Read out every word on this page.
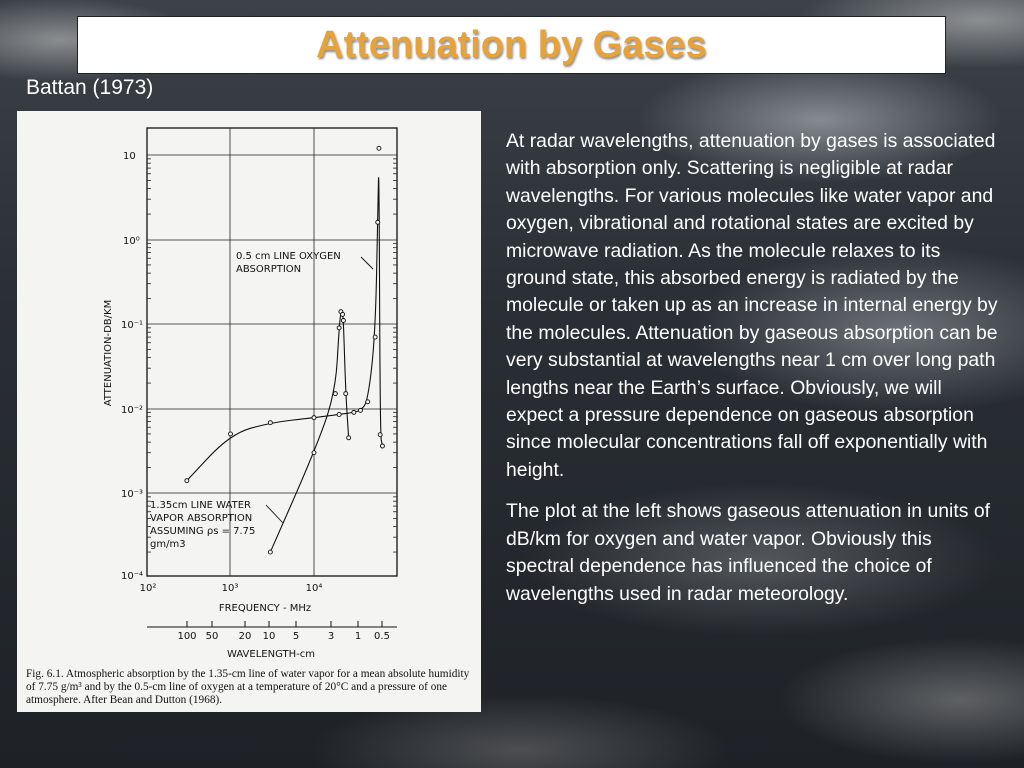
Attenuation by Gases
Battan (1973)
10
10⁰
10⁻¹
10⁻²
10⁻³
10⁻⁴
ATTENUATION-DB/KM
10²	10³	10⁴
FREQUENCY - MHz
100 50 20 10 5	3 1 0.5
WAVELENGTH-cm
0.5 cm LINE OXYGEN
ABSORPTION
1.35cm LINE WATER
VAPOR ABSORPTION
ASSUMING ρs = 7.75
gm/m3
Fig. 6.1. Atmospheric absorption by the 1.35-cm line of water vapor for a mean absolute humidity of 7.75 g/m³ and by the 0.5-cm line of oxygen at a temperature of 20°C and a pressure of one atmosphere. After Bean and Dutton (1968).

At radar wavelengths, attenuation by gases is associated with absorption only. Scattering is negligible at radar wavelengths. For various molecules like water vapor and oxygen, vibrational and rotational states are excited by microwave radiation. As the molecule relaxes to its ground state, this absorbed energy is radiated by the molecule or taken up as an increase in internal energy by the molecules. Attenuation by gaseous absorption can be very substantial at wavelengths near 1 cm over long path lengths near the Earth’s surface. Obviously, we will expect a pressure dependence on gaseous absorption since molecular concentrations fall off exponentially with height.

The plot at the left shows gaseous attenuation in units of dB/km for oxygen and water vapor. Obviously this spectral dependence has influenced the choice of wavelengths used in radar meteorology.
